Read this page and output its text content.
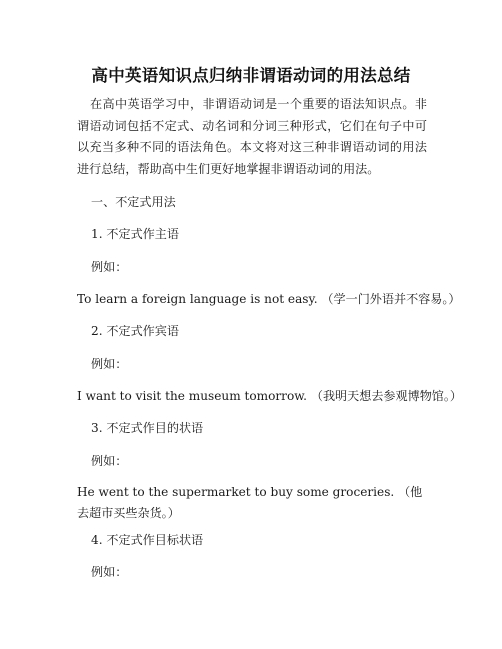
高中英语知识点归纳非谓语动词的用法总结

在高中英语学习中，非谓语动词是一个重要的语法知识点。非谓语动词包括不定式、动名词和分词三种形式，它们在句子中可以充当多种不同的语法角色。本文将对这三种非谓语动词的用法进行总结，帮助高中生们更好地掌握非谓语动词的用法。

一、不定式用法

1. 不定式作主语

例如：

To learn a foreign language is not easy. （学一门外语并不容易。）

2. 不定式作宾语

例如：

I want to visit the museum tomorrow. （我明天想去参观博物馆。）

3. 不定式作目的状语

例如：

He went to the supermarket to buy some groceries. （他去超市买些杂货。）

4. 不定式作目标状语

例如：
